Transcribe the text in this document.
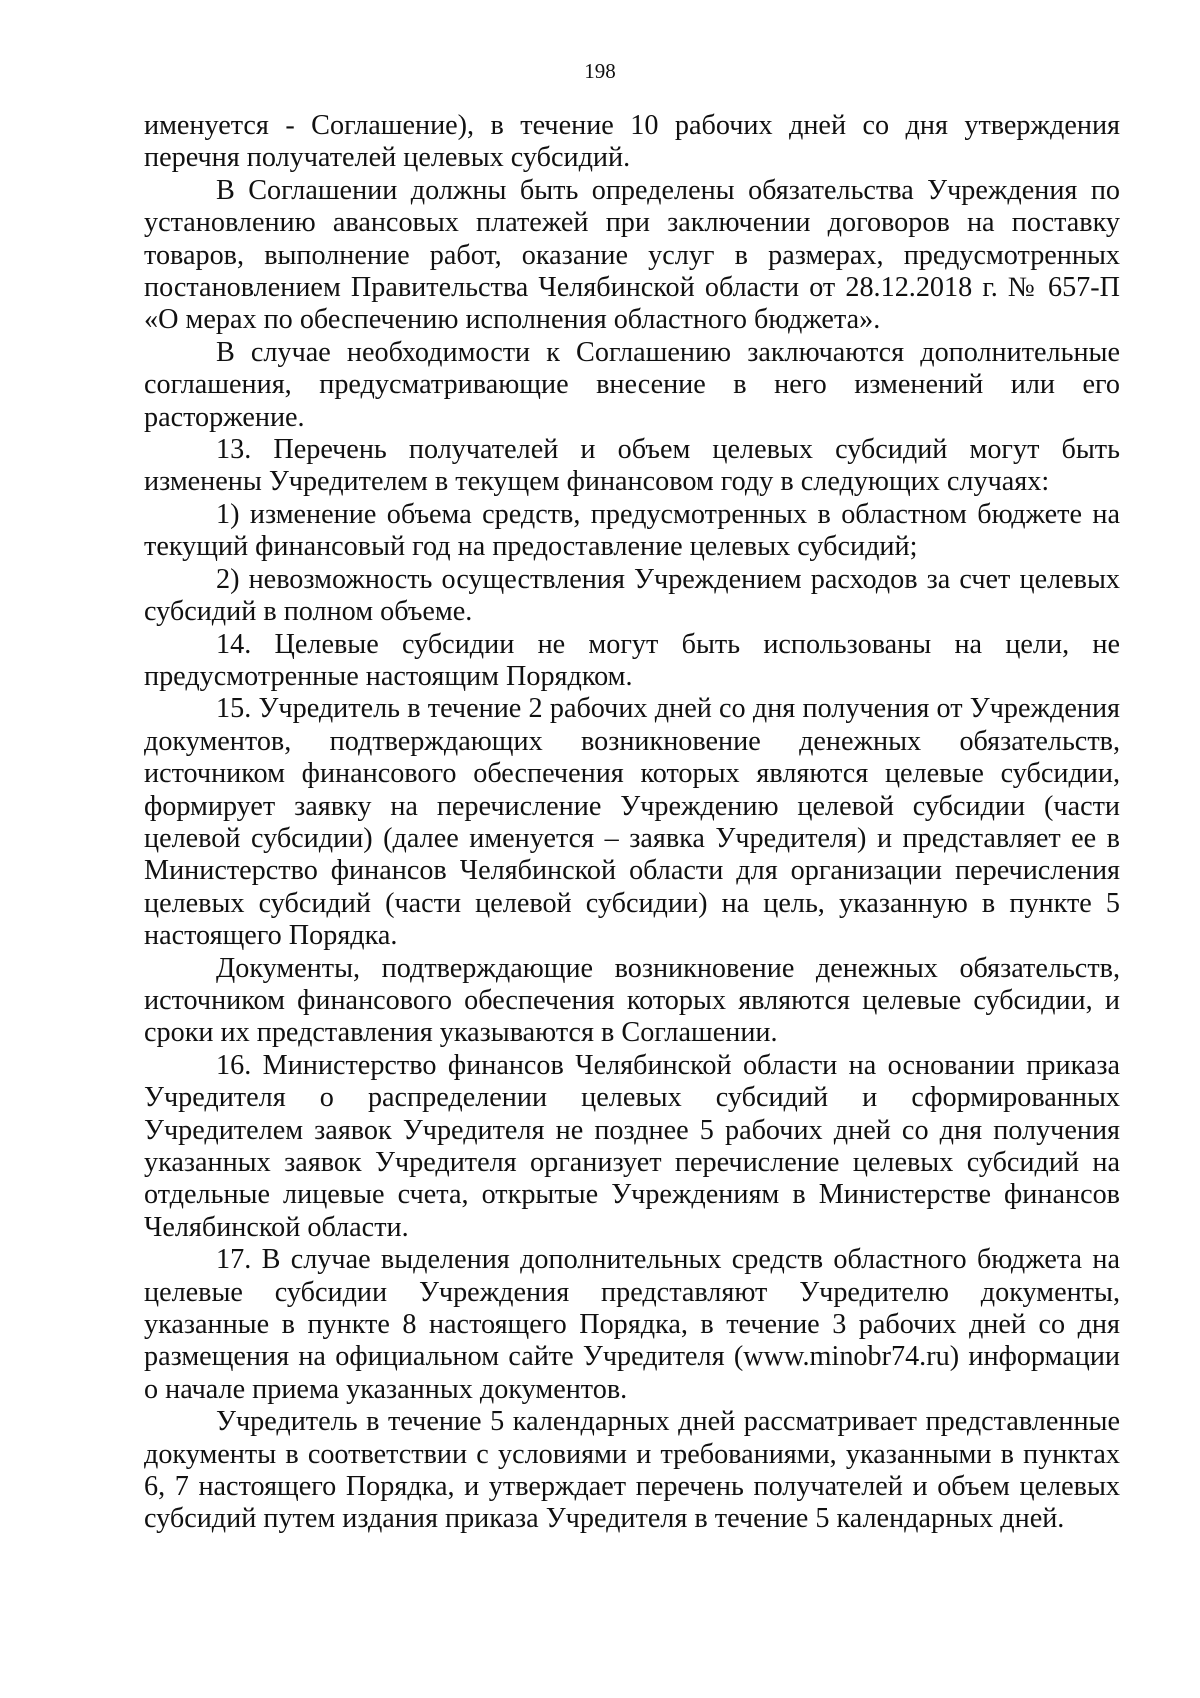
198

именуется - Соглашение), в течение 10 рабочих дней со дня утверждения перечня получателей целевых субсидий.

В Соглашении должны быть определены обязательства Учреждения по установлению авансовых платежей при заключении договоров на поставку товаров, выполнение работ, оказание услуг в размерах, предусмотренных постановлением Правительства Челябинской области от 28.12.2018 г. № 657-П «О мерах по обеспечению исполнения областного бюджета».

В случае необходимости к Соглашению заключаются дополнительные соглашения, предусматривающие внесение в него изменений или его расторжение.

13. Перечень получателей и объем целевых субсидий могут быть изменены Учредителем в текущем финансовом году в следующих случаях:

1) изменение объема средств, предусмотренных в областном бюджете на текущий финансовый год на предоставление целевых субсидий;

2) невозможность осуществления Учреждением расходов за счет целевых субсидий в полном объеме.

14. Целевые субсидии не могут быть использованы на цели, не предусмотренные настоящим Порядком.

15. Учредитель в течение 2 рабочих дней со дня получения от Учреждения документов, подтверждающих возникновение денежных обязательств, источником финансового обеспечения которых являются целевые субсидии, формирует заявку на перечисление Учреждению целевой субсидии (части целевой субсидии) (далее именуется – заявка Учредителя) и представляет ее в Министерство финансов Челябинской области для организации перечисления целевых субсидий (части целевой субсидии) на цель, указанную в пункте 5 настоящего Порядка.

Документы, подтверждающие возникновение денежных обязательств, источником финансового обеспечения которых являются целевые субсидии, и сроки их представления указываются в Соглашении.

16. Министерство финансов Челябинской области на основании приказа Учредителя о распределении целевых субсидий и сформированных Учредителем заявок Учредителя не позднее 5 рабочих дней со дня получения указанных заявок Учредителя организует перечисление целевых субсидий на отдельные лицевые счета, открытые Учреждениям в Министерстве финансов Челябинской области.

17. В случае выделения дополнительных средств областного бюджета на целевые субсидии Учреждения представляют Учредителю документы, указанные в пункте 8 настоящего Порядка, в течение 3 рабочих дней со дня размещения на официальном сайте Учредителя (www.minobr74.ru) информации о начале приема указанных документов.

Учредитель в течение 5 календарных дней рассматривает представленные документы в соответствии с условиями и требованиями, указанными в пунктах 6, 7 настоящего Порядка, и утверждает перечень получателей и объем целевых субсидий путем издания приказа Учредителя в течение 5 календарных дней.
